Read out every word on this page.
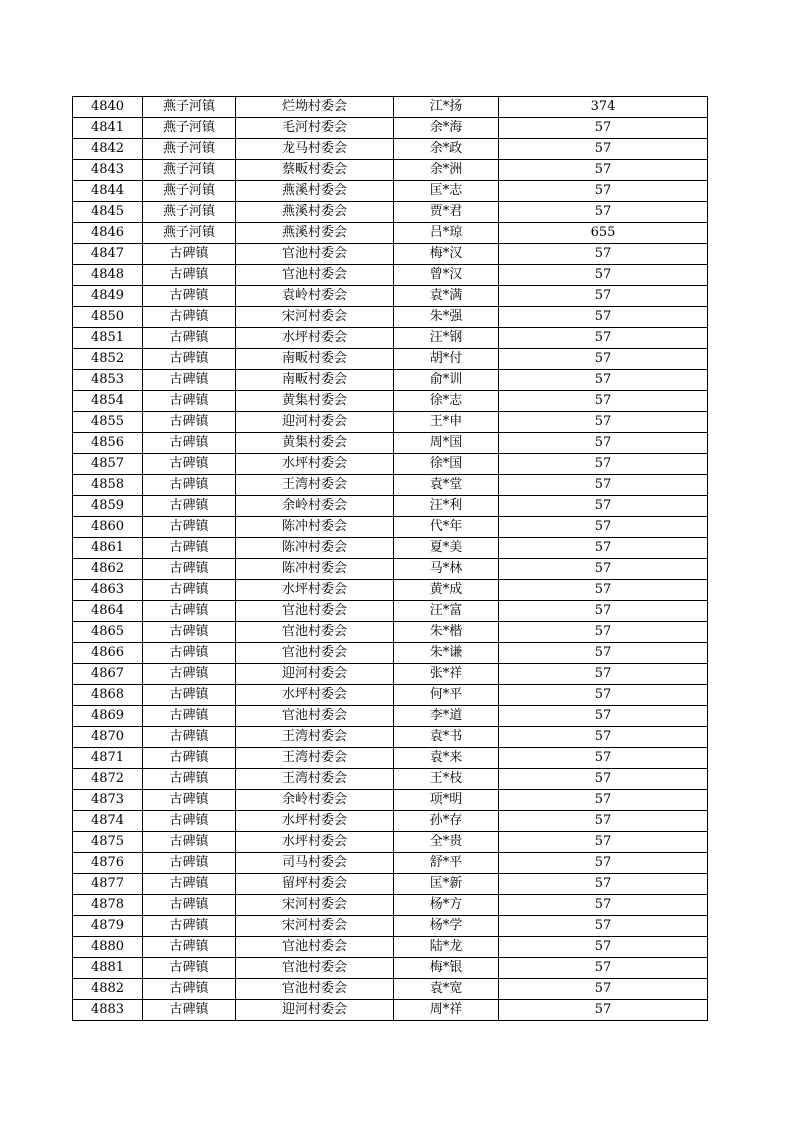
4840	燕子河镇	烂坳村委会	江*扬	374
4841	燕子河镇	毛河村委会	余*海	57
4842	燕子河镇	龙马村委会	余*政	57
4843	燕子河镇	蔡畈村委会	余*洲	57
4844	燕子河镇	燕溪村委会	匡*志	57
4845	燕子河镇	燕溪村委会	贾*君	57
4846	燕子河镇	燕溪村委会	吕*琼	655
4847	古碑镇	官池村委会	梅*汉	57
4848	古碑镇	官池村委会	曾*汉	57
4849	古碑镇	袁岭村委会	袁*满	57
4850	古碑镇	宋河村委会	朱*强	57
4851	古碑镇	水坪村委会	汪*钢	57
4852	古碑镇	南畈村委会	胡*付	57
4853	古碑镇	南畈村委会	俞*训	57
4854	古碑镇	黄集村委会	徐*志	57
4855	古碑镇	迎河村委会	王*申	57
4856	古碑镇	黄集村委会	周*国	57
4857	古碑镇	水坪村委会	徐*国	57
4858	古碑镇	王湾村委会	袁*堂	57
4859	古碑镇	余岭村委会	汪*利	57
4860	古碑镇	陈冲村委会	代*年	57
4861	古碑镇	陈冲村委会	夏*美	57
4862	古碑镇	陈冲村委会	马*林	57
4863	古碑镇	水坪村委会	黄*成	57
4864	古碑镇	官池村委会	汪*富	57
4865	古碑镇	官池村委会	朱*楷	57
4866	古碑镇	官池村委会	朱*谦	57
4867	古碑镇	迎河村委会	张*祥	57
4868	古碑镇	水坪村委会	何*平	57
4869	古碑镇	官池村委会	李*道	57
4870	古碑镇	王湾村委会	袁*书	57
4871	古碑镇	王湾村委会	袁*来	57
4872	古碑镇	王湾村委会	王*枝	57
4873	古碑镇	余岭村委会	项*明	57
4874	古碑镇	水坪村委会	孙*存	57
4875	古碑镇	水坪村委会	全*贵	57
4876	古碑镇	司马村委会	舒*平	57
4877	古碑镇	留坪村委会	匡*新	57
4878	古碑镇	宋河村委会	杨*方	57
4879	古碑镇	宋河村委会	杨*学	57
4880	古碑镇	官池村委会	陆*龙	57
4881	古碑镇	官池村委会	梅*银	57
4882	古碑镇	官池村委会	袁*宽	57
4883	古碑镇	迎河村委会	周*祥	57
